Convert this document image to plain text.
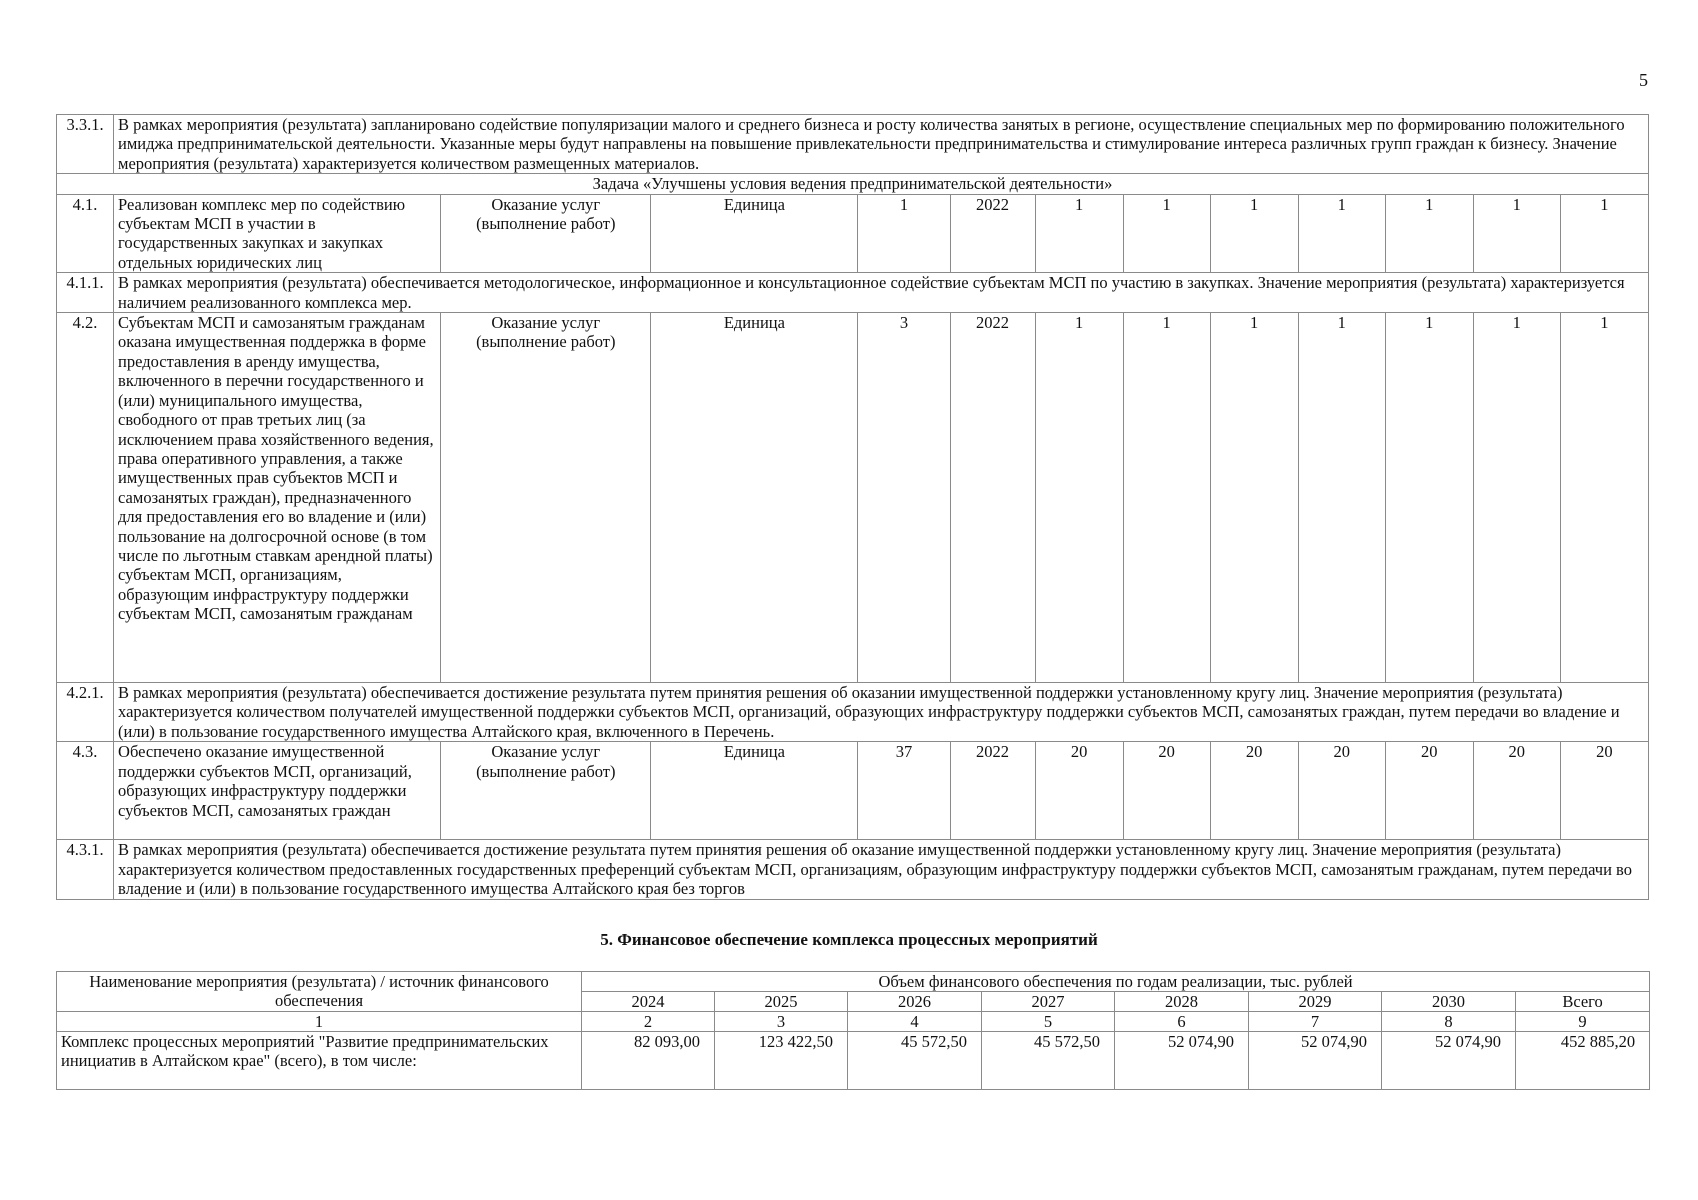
5
3.3.1.	В рамках мероприятия (результата) запланировано содействие популяризации малого и среднего бизнеса и росту количества занятых в регионе, осуществление специальных мер по формированию положительного имиджа предпринимательской деятельности. Указанные меры будут направлены на повышение привлекательности предпринимательства и стимулирование интереса различных групп граждан к бизнесу. Значение мероприятия (результата) характеризуется количеством размещенных материалов.											
Задача «Улучшены условия ведения предпринимательской деятельности»												
4.1.	Реализован комплекс мер по содействию субъектам МСП в участии в государственных закупках и закупках отдельных юридических лиц	Оказание услуг (выполнение работ)	Единица	1	2022	1	1	1	1	1	1	1
4.1.1.	В рамках мероприятия (результата) обеспечивается методологическое, информационное и консультационное содействие субъектам МСП по участию в закупках. Значение мероприятия (результата) характеризуется наличием реализованного комплекса мер.											
4.2.	Субъектам МСП и самозанятым гражданам оказана имущественная поддержка в форме предоставления в аренду имущества, включенного в перечни государственного и (или) муниципального имущества, свободного от прав третьих лиц (за исключением права хозяйственного ведения, права оперативного управления, а также имущественных прав субъектов МСП и самозанятых граждан), предназначенного для предоставления его во владение и (или) пользование на долгосрочной основе (в том числе по льготным ставкам арендной платы) субъектам МСП, организациям, образующим инфраструктуру поддержки субъектам МСП, самозанятым гражданам	Оказание услуг (выполнение работ)	Единица	3	2022	1	1	1	1	1	1	1
4.2.1.	В рамках мероприятия (результата) обеспечивается достижение результата путем принятия решения об оказании имущественной поддержки установленному кругу лиц. Значение мероприятия (результата) характеризуется количеством получателей имущественной поддержки субъектов МСП, организаций, образующих инфраструктуру поддержки субъектов МСП, самозанятых граждан, путем передачи во владение и (или) в пользование государственного имущества Алтайского края, включенного в Перечень.											
4.3.	Обеспечено оказание имущественной поддержки субъектов МСП, организаций, образующих инфраструктуру поддержки субъектов МСП, самозанятых граждан	Оказание услуг (выполнение работ)	Единица	37	2022	20	20	20	20	20	20	20
4.3.1.	В рамках мероприятия (результата) обеспечивается достижение результата путем принятия решения об оказание имущественной поддержки установленному кругу лиц. Значение мероприятия (результата) характеризуется количеством предоставленных государственных преференций субъектам МСП, организациям, образующим инфраструктуру поддержки субъектов МСП, самозанятым гражданам, путем передачи во владение и (или) в пользование государственного имущества Алтайского края без торгов											
5. Финансовое обеспечение комплекса процессных мероприятий
Наименование мероприятия (результата) / источник финансового обеспечения	Объем финансового обеспечения по годам реализации, тыс. рублей							
	2024	2025	2026	2027	2028	2029	2030	Всего
1	2	3	4	5	6	7	8	9
Комплекс процессных мероприятий "Развитие предпринимательских инициатив в Алтайском крае" (всего), в том числе:	82 093,00	123 422,50	45 572,50	45 572,50	52 074,90	52 074,90	52 074,90	452 885,20
